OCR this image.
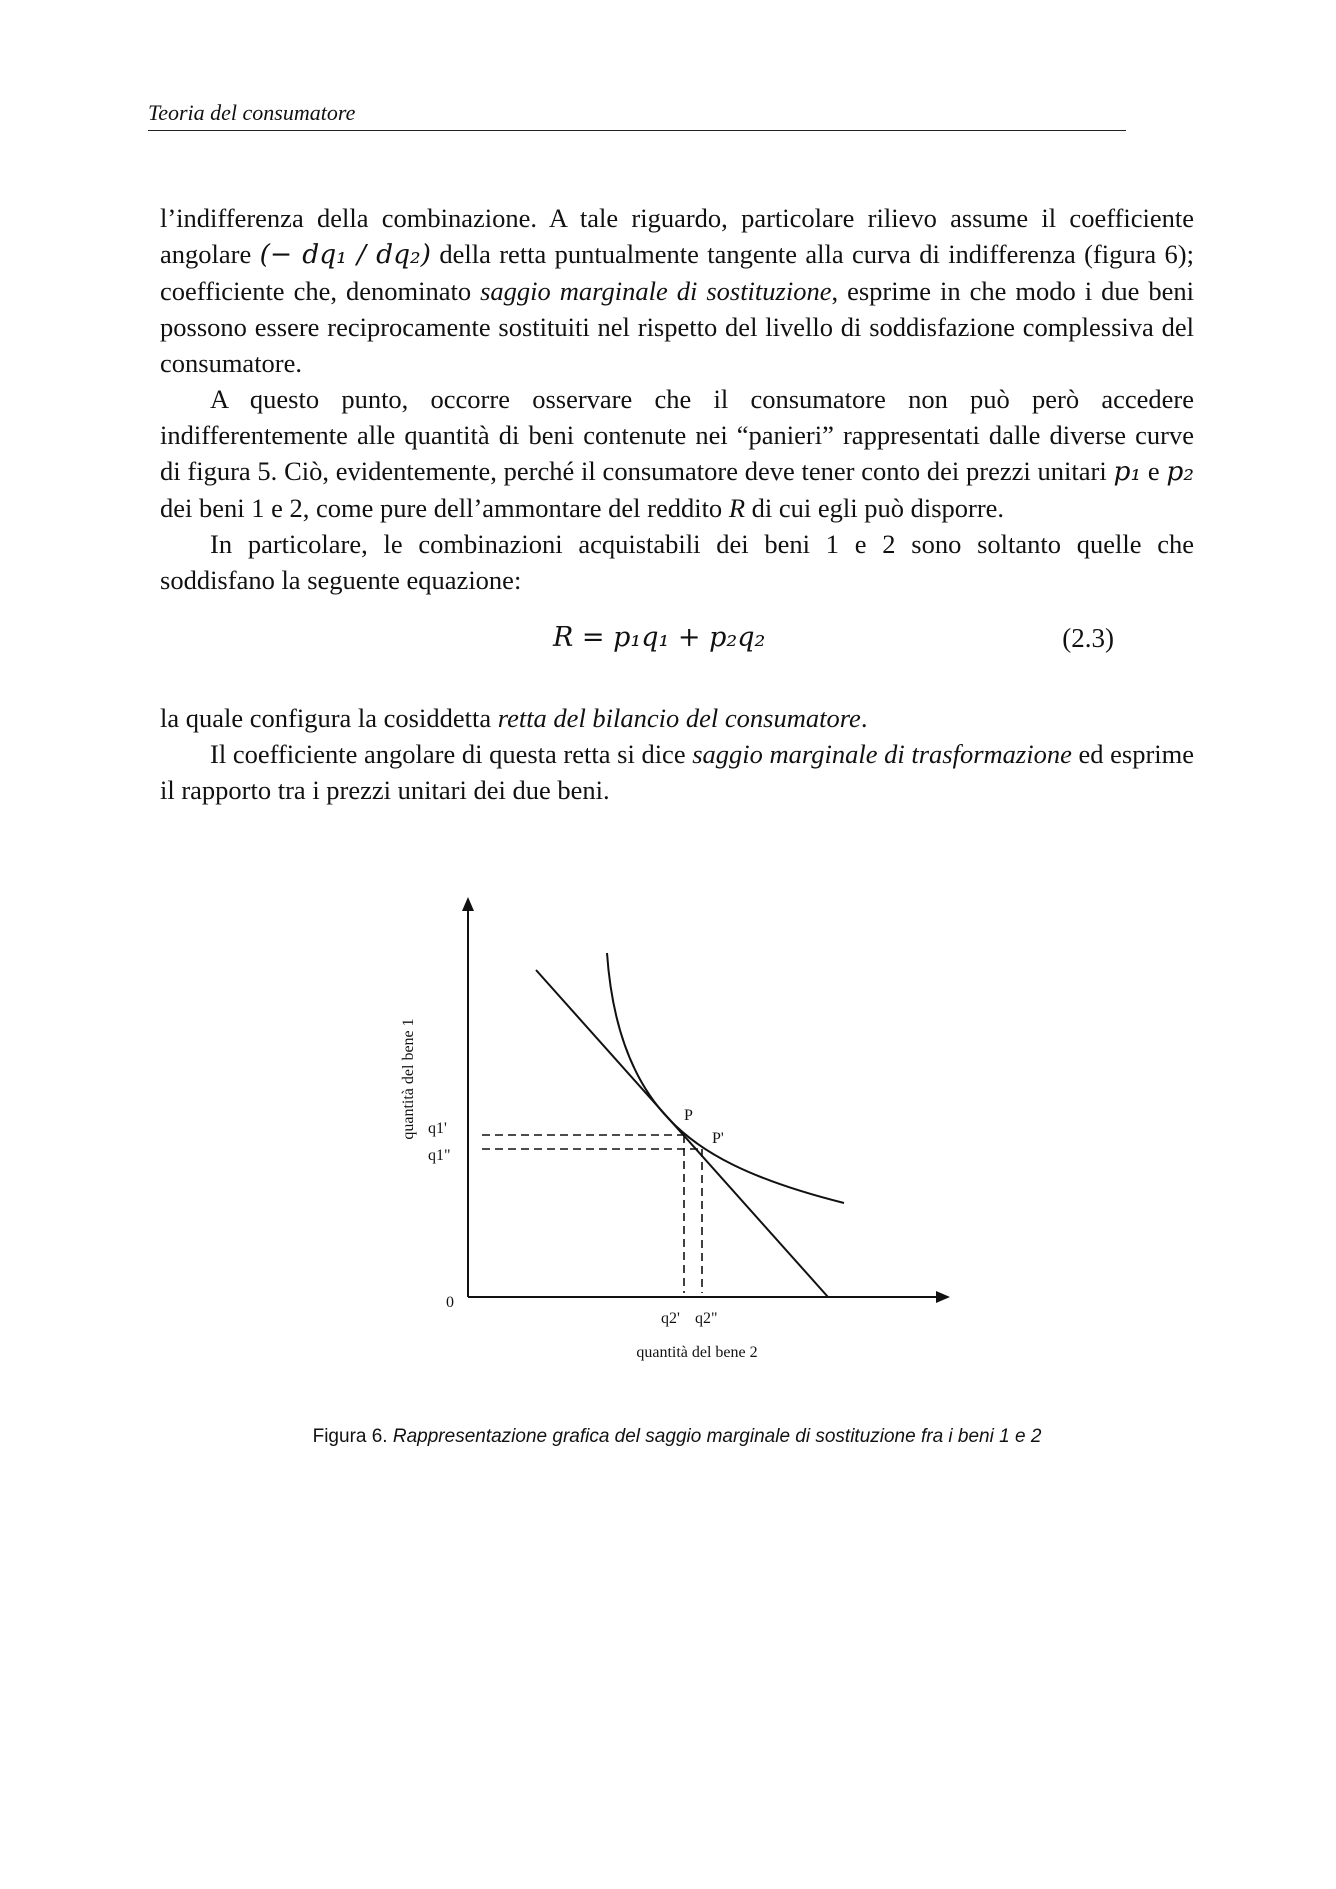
Teoria del consumatore

l’indifferenza della combinazione. A tale riguardo, particolare rilievo assume il coefficiente angolare (− dq₁ / dq₂) della retta puntualmente tangente alla curva di indifferenza (figura 6); coefficiente che, denominato saggio marginale di sostituzione, esprime in che modo i due beni possono essere reciprocamente sostituiti nel rispetto del livello di soddisfazione complessiva del consumatore.

A questo punto, occorre osservare che il consumatore non può però accedere indifferentemente alle quantità di beni contenute nei “panieri” rappresentati dalle diverse curve di figura 5. Ciò, evidentemente, perché il consumatore deve tener conto dei prezzi unitari p₁ e p₂ dei beni 1 e 2, come pure dell’ammontare del reddito R di cui egli può disporre.

In particolare, le combinazioni acquistabili dei beni 1 e 2 sono soltanto quelle che soddisfano la seguente equazione:

R = p₁q₁ + p₂q₂	(2.3)

la quale configura la cosiddetta retta del bilancio del consumatore.

Il coefficiente angolare di questa retta si dice saggio marginale di trasformazione ed esprime il rapporto tra i prezzi unitari dei due beni.

q1'
q1"
P
P'
0
q2' q2"
quantità del bene 2
quantità del bene 1
Figura 6. Rappresentazione grafica del saggio marginale di sostituzione fra i beni 1 e 2
